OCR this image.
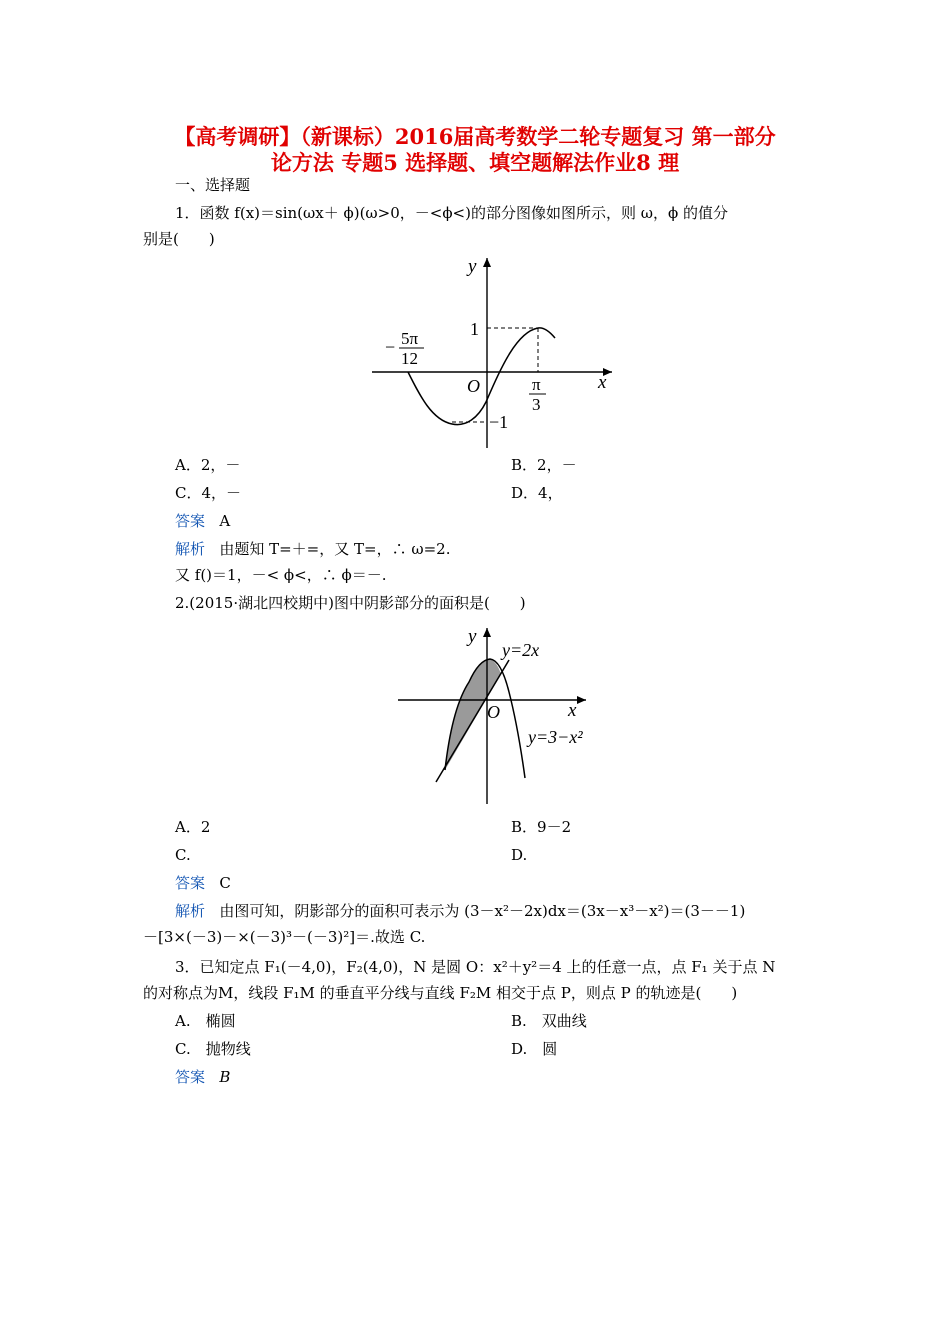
【高考调研】（新课标）2016届高考数学二轮专题复习 第一部分
论方法 专题5 选择题、填空题解法作业8 理
一、选择题
1．函数 f(x)＝sin(ωx＋ ϕ)(ω>0，－<ϕ<)的部分图像如图所示，则 ω，ϕ 的值分
别是(　　)
y
x
O
1
−1
− 5π
12
π
3
A．2，－	B．2，－
C．4，－	D．4，
答案 A
解析 由题知 T=＋=，又 T=，∴ ω=2.
又 f()＝1，－< ϕ<，∴ ϕ＝－.
2.(2015·湖北四校期中)图中阴影部分的面积是(　　)
y
x
O
y=2x
y=3−x²
A．2	B．9－2
C.	D.
答案 C
解析 由图可知，阴影部分的面积可表示为 (3－x²－2x)dx＝(3x－x³－x²)＝(3－－1)
－[3×(－3)－×(－3)³－(－3)²]＝.故选 C.
3．已知定点 F₁(－4,0)，F₂(4,0)，N 是圆 O：x²＋y²＝4 上的任意一点，点 F₁ 关于点 N
的对称点为M，线段 F₁M 的垂直平分线与直线 F₂M 相交于点 P，则点 P 的轨迹是(　　)
A.　椭圆	B.　双曲线
C.　抛物线	D.　圆
答案 B
